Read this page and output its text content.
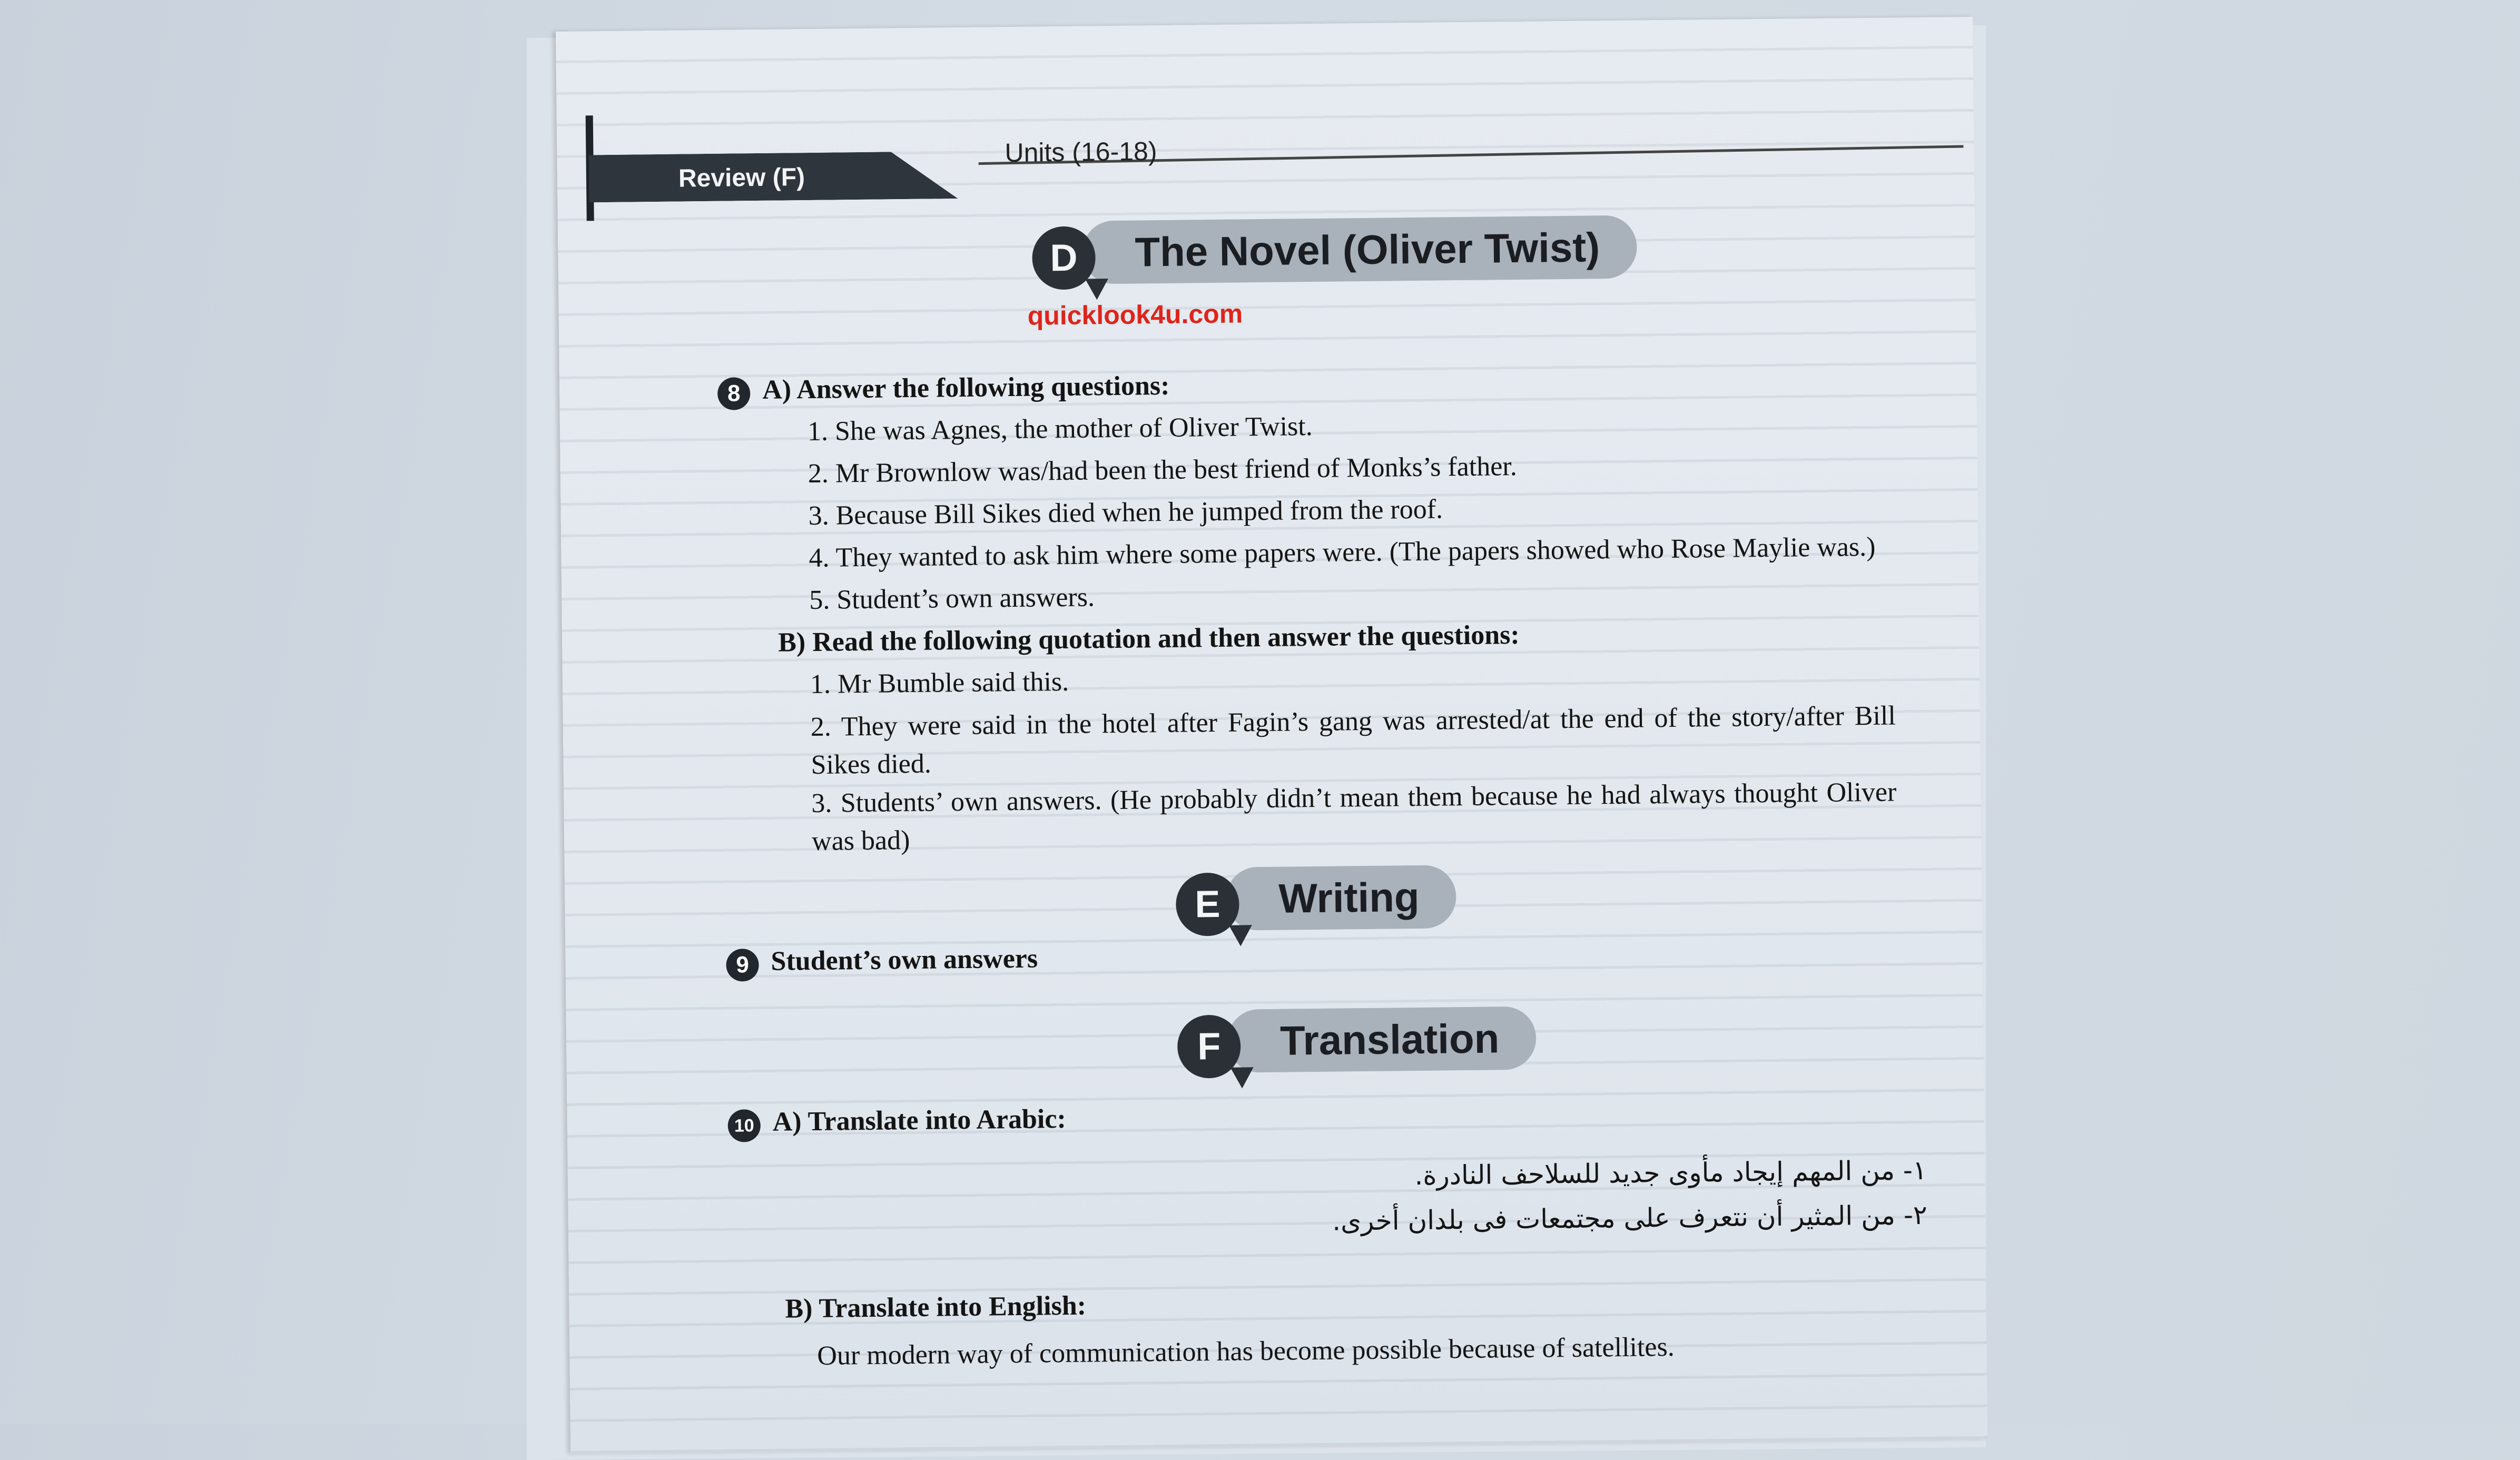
Review (F)
Units (16-18)
The Novel (Oliver Twist)
D
quicklook4u.com
8 A) Answer the following questions:
1. She was Agnes, the mother of Oliver Twist.
2. Mr Brownlow was/had been the best friend of Monks’s father.
3. Because Bill Sikes died when he jumped from the roof.
4. They wanted to ask him where some papers were. (The papers showed who Rose Maylie was.)
5. Student’s own answers.
B) Read the following quotation and then answer the questions:
1. Mr Bumble said this.
2. They were said in the hotel after Fagin’s gang was arrested/at the end of the story/after Bill Sikes died.
3. Students’ own answers. (He probably didn’t mean them because he had always thought Oliver was bad)
Writing
E
9 Student’s own answers
Translation
F
10 A) Translate into Arabic:
١- من المهم إيجاد مأوى جديد للسلاحف النادرة.
٢- من المثير أن نتعرف على مجتمعات فى بلدان أخرى.
B) Translate into English:
Our modern way of communication has become possible because of satellites.
